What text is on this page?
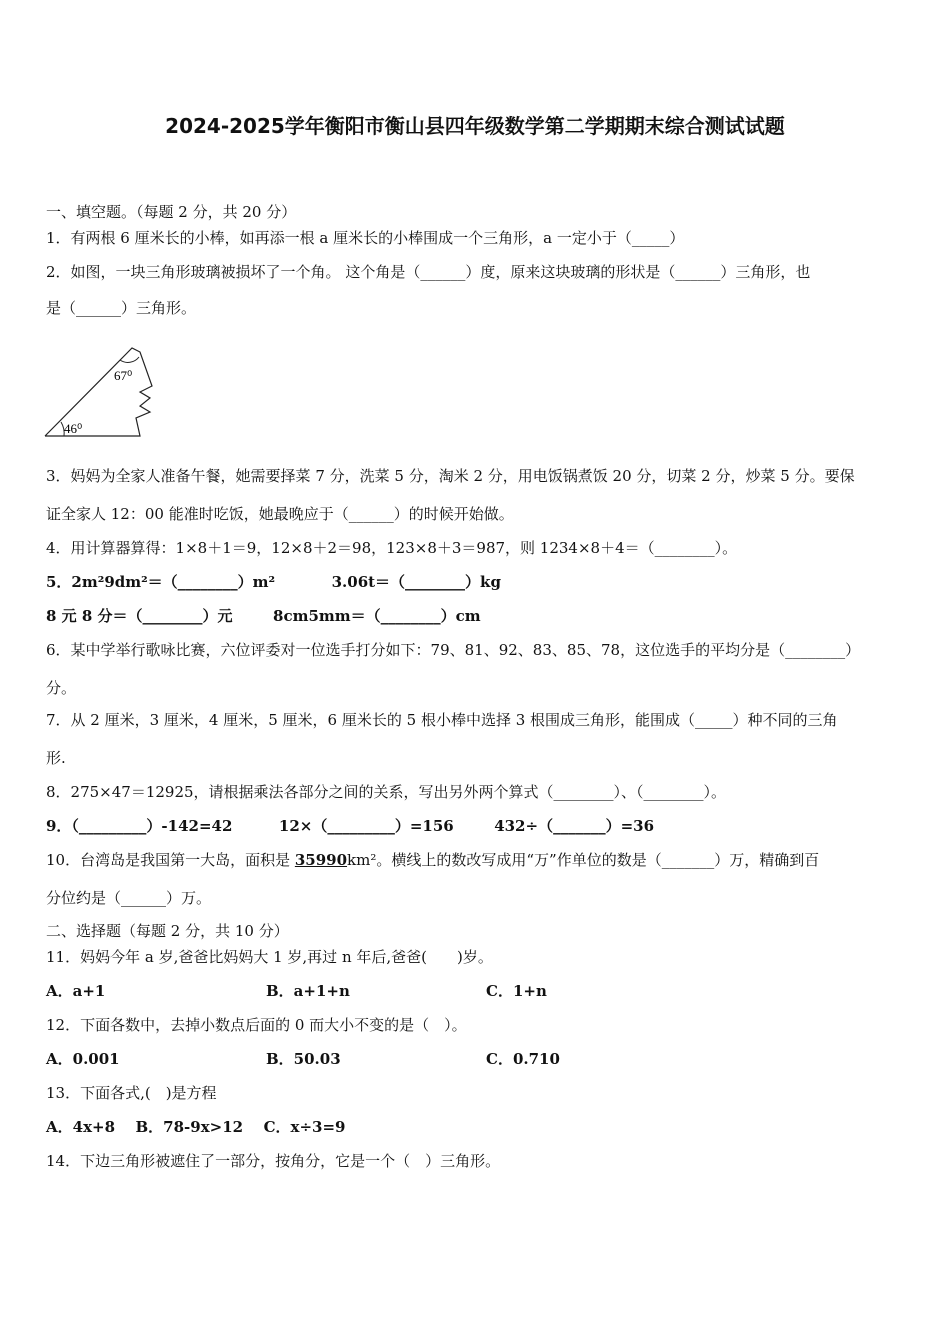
2024-2025学年衡阳市衡山县四年级数学第二学期期末综合测试试题
一、填空题。（每题 2 分，共 20 分）
1．有两根 6 厘米长的小棒，如再添一根 a 厘米长的小棒围成一个三角形，a 一定小于（_____）
2．如图，一块三角形玻璃被损坏了一个角。 这个角是（______）度，原来这块玻璃的形状是（______）三角形，也
是（______）三角形。
67⁰
46⁰
3．妈妈为全家人准备午餐，她需要择菜 7 分，洗菜 5 分，淘米 2 分，用电饭锅煮饭 20 分，切菜 2 分，炒菜 5 分。要保
证全家人 12：00 能准时吃饭，她最晚应于（______）的时候开始做。
4．用计算器算得：1×8＋1＝9，12×8＋2＝98，123×8＋3＝987，则 1234×8＋4＝（________）。
5．2m²9dm²＝（________）m²	3.06t＝（________）kg
8 元 8 分＝（________）元	8cm5mm＝（________）cm
6．某中学举行歌咏比赛，六位评委对一位选手打分如下：79、81、92、83、85、78，这位选手的平均分是（________）
分。
7．从 2 厘米，3 厘米，4 厘米，5 厘米，6 厘米长的 5 根小棒中选择 3 根围成三角形，能围成（_____）种不同的三角
形.
8．275×47＝12925，请根据乘法各部分之间的关系，写出另外两个算式（________）、（________）。
9．（_________）-142=42	12×（_________）=156	432÷（_______）=36
10．台湾岛是我国第一大岛，面积是 35990km²。横线上的数改写成用“万”作单位的数是（_______）万，精确到百
分位约是（______）万。
二、选择题（每题 2 分，共 10 分）
11．妈妈今年 a 岁,爸爸比妈妈大 1 岁,再过 n 年后,爸爸(　　)岁。
A．a+1	B．a+1+n	C．1+n
12．下面各数中，去掉小数点后面的 0 而大小不变的是（　）。
A．0.001	B．50.03	C．0.710
13．下面各式,(　)是方程
A．4x+8 B．78-9x>12 C．x÷3=9
14．下边三角形被遮住了一部分，按角分，它是一个（　）三角形。
